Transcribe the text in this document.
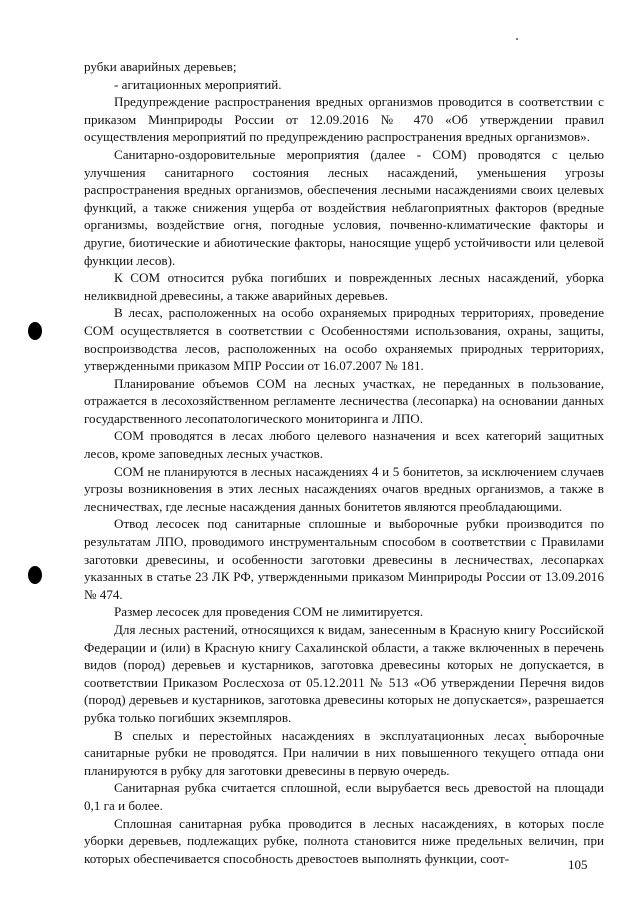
рубки аварийных деревьев;

- агитационных мероприятий.

Предупреждение распространения вредных организмов проводится в соответствии с приказом Минприроды России от 12.09.2016 № 470 «Об утверждении правил осуществления мероприятий по предупреждению распространения вредных организмов».

Санитарно-оздоровительные мероприятия (далее - СОМ) проводятся с целью улучшения санитарного состояния лесных насаждений, уменьшения угрозы распространения вредных организмов, обеспечения лесными насаждениями своих целевых функций, а также снижения ущерба от воздействия неблагоприятных факторов (вредные организмы, воздействие огня, погодные условия, почвенно-климатические факторы и другие, биотические и абиотические факторы, наносящие ущерб устойчивости или целевой функции лесов).

К СОМ относится рубка погибших и поврежденных лесных насаждений, уборка неликвидной древесины, а также аварийных деревьев.

В лесах, расположенных на особо охраняемых природных территориях, проведение СОМ осуществляется в соответствии с Особенностями использования, охраны, защиты, воспроизводства лесов, расположенных на особо охраняемых природных территориях, утвержденными приказом МПР России от 16.07.2007 № 181.

Планирование объемов СОМ на лесных участках, не переданных в пользование, отражается в лесохозяйственном регламенте лесничества (лесопарка) на основании данных государственного лесопатологического мониторинга и ЛПО.

СОМ проводятся в лесах любого целевого назначения и всех категорий защитных лесов, кроме заповедных лесных участков.

СОМ не планируются в лесных насаждениях 4 и 5 бонитетов, за исключением случаев угрозы возникновения в этих лесных насаждениях очагов вредных организмов, а также в лесничествах, где лесные насаждения данных бонитетов являются преобладающими.

Отвод лесосек под санитарные сплошные и выборочные рубки производится по результатам ЛПО, проводимого инструментальным способом в соответствии с Правилами заготовки древесины, и особенности заготовки древесины в лесничествах, лесопарках указанных в статье 23 ЛК РФ, утвержденными приказом Минприроды России от 13.09.2016 № 474.

Размер лесосек для проведения СОМ не лимитируется.

Для лесных растений, относящихся к видам, занесенным в Красную книгу Российской Федерации и (или) в Красную книгу Сахалинской области, а также включенных в перечень видов (пород) деревьев и кустарников, заготовка древесины которых не допускается, в соответствии Приказом Рослесхоза от 05.12.2011 № 513 «Об утверждении Перечня видов (пород) деревьев и кустарников, заготовка древесины которых не допускается», разрешается рубка только погибших экземпляров.

В спелых и перестойных насаждениях в эксплуатационных лесах выборочные санитарные рубки не проводятся. При наличии в них повышенного текущего отпада они планируются в рубку для заготовки древесины в первую очередь.

Санитарная рубка считается сплошной, если вырубается весь древостой на площади 0,1 га и более.

Сплошная санитарная рубка проводится в лесных насаждениях, в которых после уборки деревьев, подлежащих рубке, полнота становится ниже предельных величин, при которых обеспечивается способность древостоев выполнять функции, соот-	105
